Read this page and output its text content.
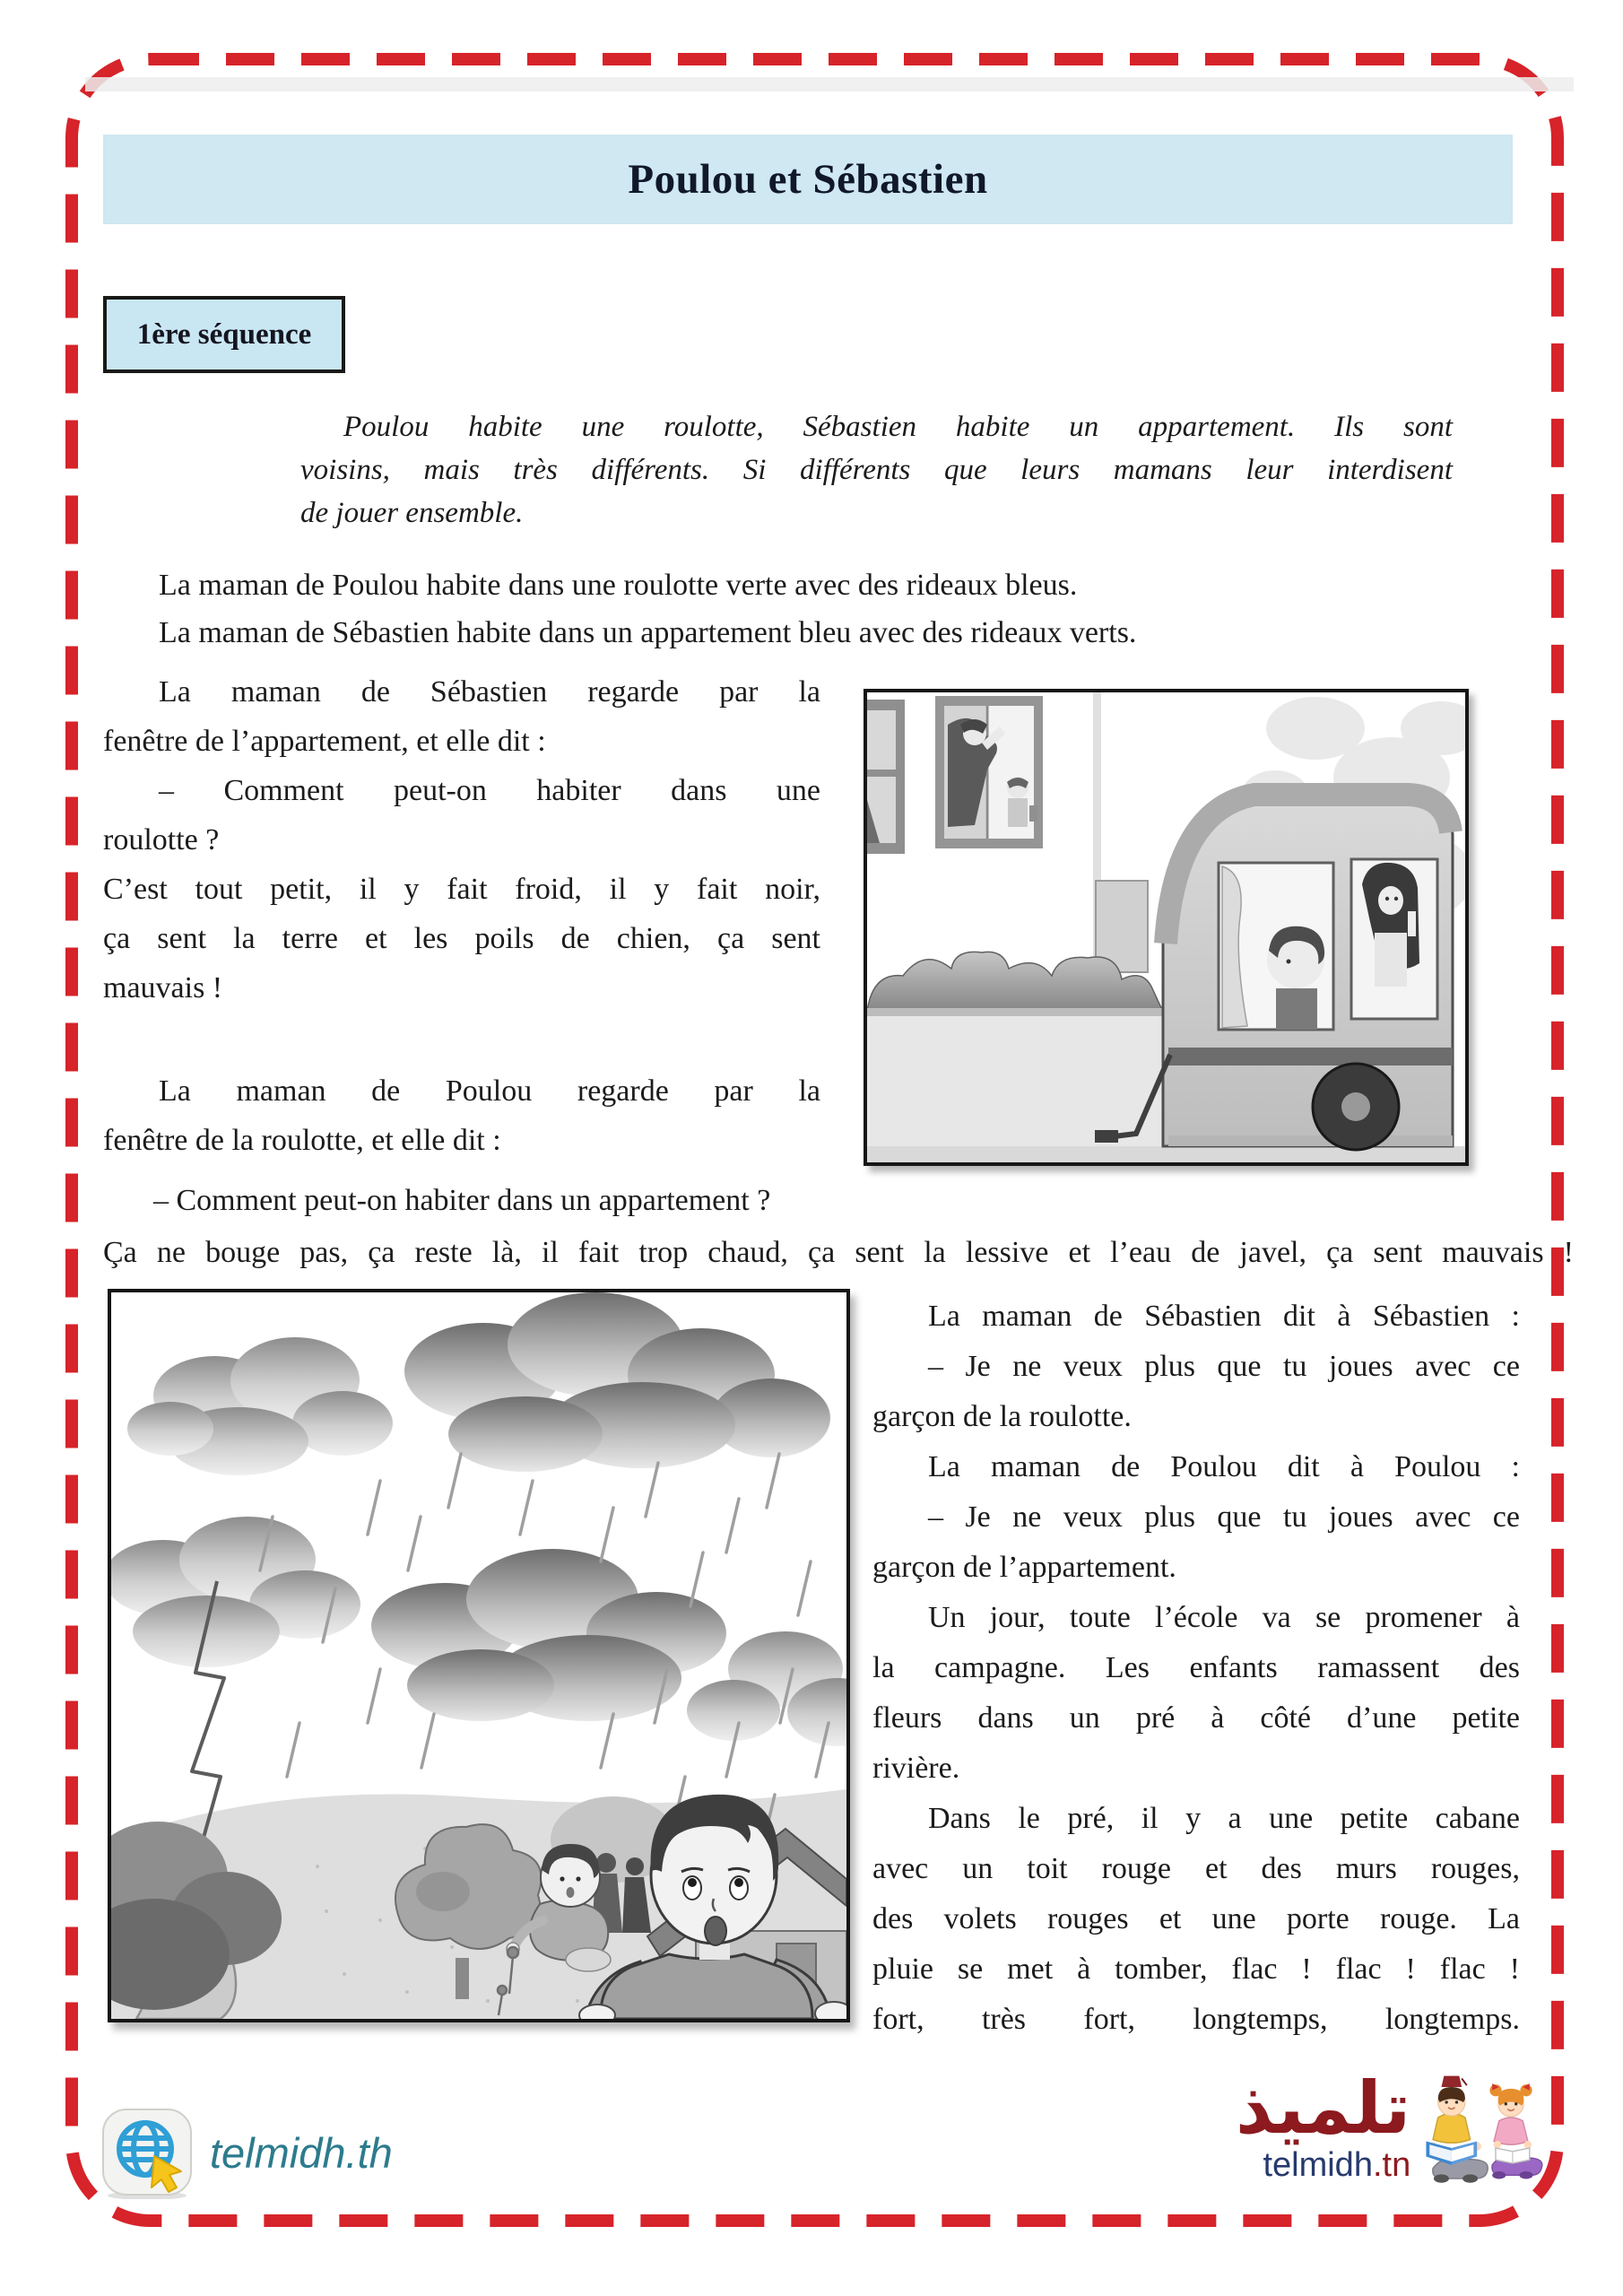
Poulou et Sébastien
1ère séquence
Poulou habite une roulotte, Sébastien habite un appartement. Ils sont
voisins, mais très différents. Si différents que leurs mamans leur interdisent
de jouer ensemble.
La maman de Poulou habite dans une roulotte verte avec des rideaux bleus.
La maman de Sébastien habite dans un appartement bleu avec des rideaux verts.
La maman de Sébastien regarde par la
fenêtre de l’appartement, et elle dit :
– Comment peut-on habiter dans une
roulotte ?
C’est tout petit, il y fait froid, il y fait noir,
ça sent la terre et les poils de chien, ça sent
mauvais !
La maman de Poulou regarde par la
fenêtre de la roulotte, et elle dit :
– Comment peut-on habiter dans un appartement ?
Ça ne bouge pas, ça reste là, il fait trop chaud, ça sent la lessive et l’eau de javel, ça sent mauvais !
La maman de Sébastien dit à Sébastien :
– Je ne veux plus que tu joues avec ce
garçon de la roulotte.
La maman de Poulou dit à Poulou :
– Je ne veux plus que tu joues avec ce
garçon de l’appartement.
Un jour, toute l’école va se promener à
la campagne. Les enfants ramassent des
fleurs dans un pré à côté d’une petite
rivière.
Dans le pré, il y a une petite cabane
avec un toit rouge et des murs rouges,
des volets rouges et une porte rouge. La
pluie se met à tomber, flac ! flac ! flac !
fort, très fort, longtemps, longtemps.
telmidh.th
تلميذ
telmidh.tn
